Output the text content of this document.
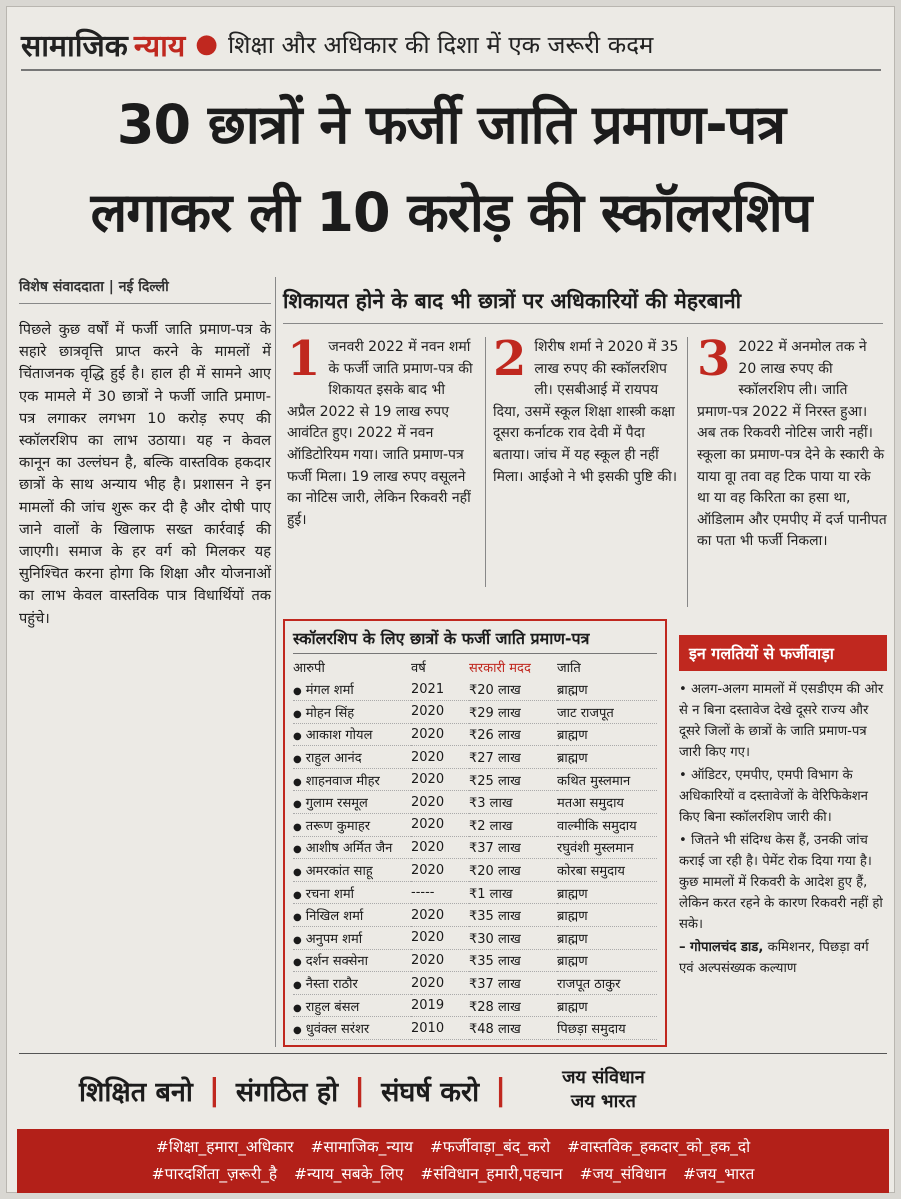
सामाजिक न्याय ● शिक्षा और अधिकार की दिशा में एक जरूरी कदम
30 छात्रों ने फर्जी जाति प्रमाण-पत्र
लगाकर ली 10 करोड़ की स्कॉलरशिप
विशेष संवाददाता | नई दिल्ली
पिछले कुछ वर्षों में फर्जी जाति प्रमाण-पत्र के सहारे छात्रवृत्ति प्राप्त करने के मामलों में चिंताजनक वृद्धि हुई है। हाल ही में सामने आए एक मामले में 30 छात्रों ने फर्जी जाति प्रमाण-पत्र लगाकर लगभग 10 करोड़ रुपए की स्कॉलरशिप का लाभ उठाया। यह न केवल कानून का उल्लंघन है, बल्कि वास्तविक हकदार छात्रों के साथ अन्याय भीह है। प्रशासन ने इन मामलों की जांच शुरू कर दी है और दोषी पाए जाने वालों के खिलाफ सख्त कार्रवाई की जाएगी। समाज के हर वर्ग को मिलकर यह सुनिश्चित करना होगा कि शिक्षा और योजनाओं का लाभ केवल वास्तविक पात्र विधार्थियों तक पहुंचे।
शिकायत होने के बाद भी छात्रों पर अधिकारियों की मेहरबानी
1 जनवरी 2022 में नवन शर्मा के फर्जी जाति प्रमाण-पत्र की शिकायत इसके बाद भी अप्रैल 2022 से 19 लाख रुपए आवंटित हुए। 2022 में नवन ऑडिटोरियम गया। जाति प्रमाण-पत्र फर्जी मिला। 19 लाख रुपए वसूलने का नोटिस जारी, लेकिन रिकवरी नहीं हुई।
2 शिरीष शर्मा ने 2020 में 35 लाख रुपए की स्कॉलरशिप ली। एसबीआई में रायपय दिया, उसमें स्कूल शिक्षा शास्त्री कक्षा दूसरा कर्नाटक राव देवी में पैदा बताया। जांच में यह स्कूल ही नहीं मिला। आईओ ने भी इसकी पुष्टि की।
3 2022 में अनमोल तक ने 20 लाख रुपए की स्कॉलरशिप ली। जाति प्रमाण-पत्र 2022 में निरस्त हुआ। अब तक रिकवरी नोटिस जारी नहीं। स्कूला का प्रमाण-पत्र देने के स्कारी के याया वूा तवा वह टिक पाया या रके था या वह किरिता का हसा था, ऑडिलाम और एमपीए में दर्ज पानीपत का पता भी फर्जी निकला।
स्कॉलरशिप के लिए छात्रों के फर्जी जाति प्रमाण-पत्र
आरुपी	वर्ष	सरकारी मदद	जाति
● मंगल शर्मा	2021	₹20 लाख	ब्राह्मण
● मोहन सिंह	2020	₹29 लाख	जाट राजपूत
● आकाश गोयल	2020	₹26 लाख	ब्राह्मण
● राहुल आनंद	2020	₹27 लाख	ब्राह्मण
● शाहनवाज मीहर	2020	₹25 लाख	कथित मुस्लमान
● गुलाम रसमूल	2020	₹3 लाख	मतआ समुदाय
● तरूण कुमाहर	2020	₹2 लाख	वाल्मीकि समुदाय
● आशीष अर्मित जैन	2020	₹37 लाख	रघुवंशी मुस्लमान
● अमरकांत साहू	2020	₹20 लाख	कोरबा समुदाय
● रचना शर्मा	-----	₹1 लाख	ब्राह्मण
● निखिल शर्मा	2020	₹35 लाख	ब्राह्मण
● अनुपम शर्मा	2020	₹30 लाख	ब्राह्मण
● दर्शन सक्सेना	2020	₹35 लाख	ब्राह्मण
● नैस्ता राठौर	2020	₹37 लाख	राजपूत ठाकुर
● राहुल बंसल	2019	₹28 लाख	ब्राह्मण
● धुवंक्ल सरंशर	2010	₹48 लाख	पिछड़ा समुदाय
इन गलतियों से फर्जीवाड़ा

• अलग-अलग मामलों में एसडीएम की ओर से न बिना दस्तावेज देखे दूसरे राज्य और दूसरे जिलों के छात्रों के जाति प्रमाण-पत्र जारी किए गए।

• ऑडिटर, एमपीए, एमपी विभाग के अधिकारियों व दस्तावेजों के वेरिफिकेशन किए बिना स्कॉलरशिप जारी की।

• जितने भी संदिग्ध केस हैं, उनकी जांच कराई जा रही है। पेमेंट रोक दिया गया है। कुछ मामलों में रिकवरी के आदेश हुए हैं, लेकिन करत रहने के कारण रिकवरी नहीं हो सके।

– गोपालचंद डाड, कमिशनर, पिछड़ा वर्ग एवं अल्पसंख्यक कल्याण

शिक्षित बनो | संगठित हो | संघर्ष करो |	जय संविधान
जय भारत
#शिक्षा_हमारा_अधिकार #सामाजिक_न्याय #फर्जीवाड़ा_बंद_करो #वास्तविक_हकदार_को_हक_दो
#पारदर्शिता_ज़रूरी_है #न्याय_सबके_लिए #संविधान_हमारी,पहचान #जय_संविधान #जय_भारत
